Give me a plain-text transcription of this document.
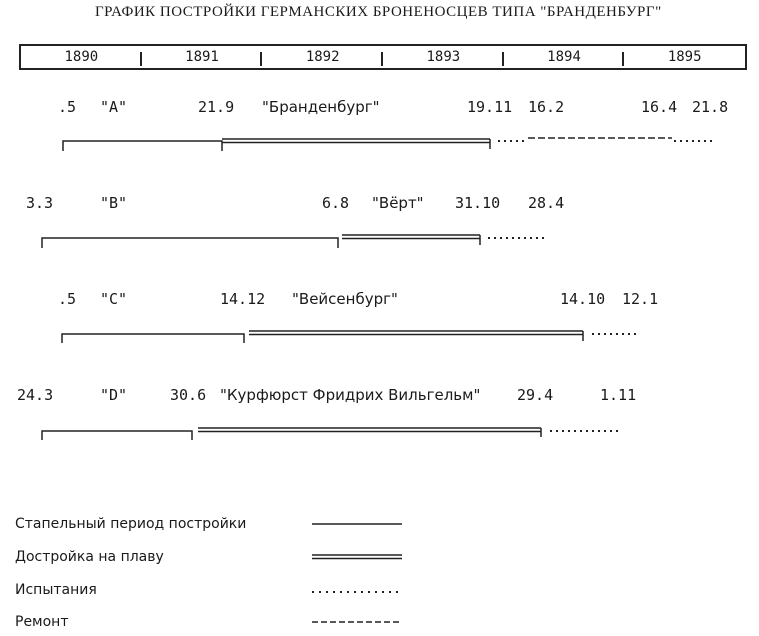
ГРАФИК ПОСТРОЙКИ ГЕРМАНСКИХ БРОНЕНОСЦЕВ ТИПА "БРАНДЕНБУРГ"
1890	1891	1892	1893	1894	1895
.5 "A"	21.9 "Бранденбург"	19.11 16.2	16.4 21.8
3.3	"B"	6.8 "Вёрт" 31.10 28.4
.5 "C"	14.12 "Вейсенбург"	14.10 12.1
24.3	"D"	30.6 "Курфюрст Фридрих Вильгельм" 29.4	1.11
Стапельный период постройки
Достройка на плаву
Испытания
Ремонт
